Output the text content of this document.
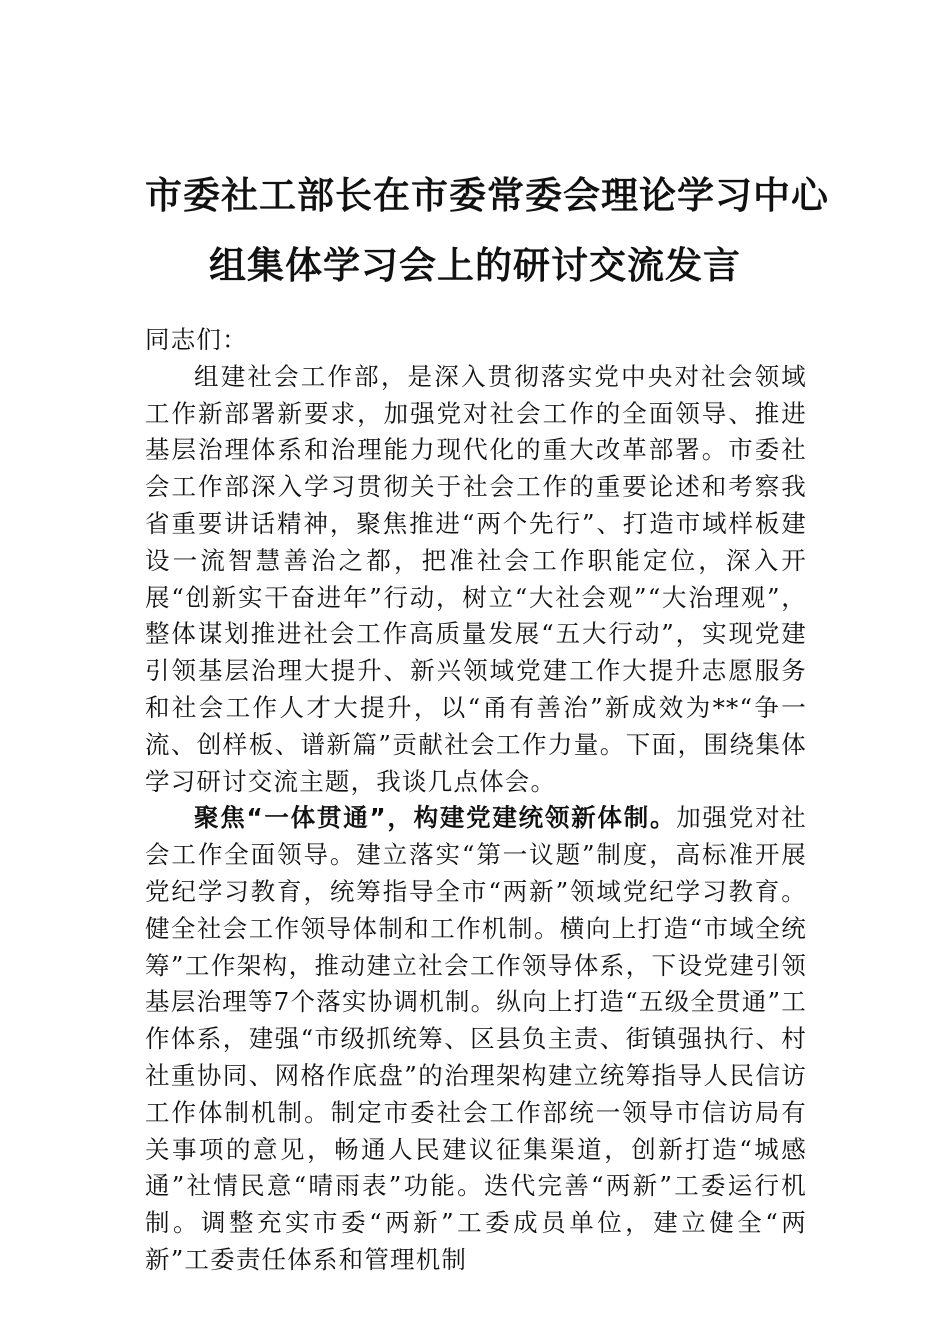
市委社工部长在市委常委会理论学习中心
组集体学习会上的研讨交流发言

同志们：

组建社会工作部，是深入贯彻落实党中央对社会领域工作新部署新要求，加强党对社会工作的全面领导、推进基层治理体系和治理能力现代化的重大改革部署。市委社会工作部深入学习贯彻关于社会工作的重要论述和考察我省重要讲话精神，聚焦推进“两个先行”、打造市域样板建设一流智慧善治之都，把准社会工作职能定位，深入开展“创新实干奋进年”行动，树立“大社会观”“大治理观”，整体谋划推进社会工作高质量发展“五大行动”，实现党建引领基层治理大提升、新兴领域党建工作大提升志愿服务和社会工作人才大提升，以“甬有善治”新成效为**“争一流、创样板、谱新篇”贡献社会工作力量。下面，围绕集体学习研讨交流主题，我谈几点体会。

聚焦“一体贯通”，构建党建统领新体制。加强党对社会工作全面领导。建立落实“第一议题”制度，高标准开展党纪学习教育，统筹指导全市“两新”领域党纪学习教育。健全社会工作领导体制和工作机制。横向上打造“市域全统筹”工作架构，推动建立社会工作领导体系，下设党建引领基层治理等7个落实协调机制。纵向上打造“五级全贯通”工作体系，建强“市级抓统筹、区县负主责、街镇强执行、村社重协同、网格作底盘”的治理架构建立统筹指导人民信访工作体制机制。制定市委社会工作部统一领导市信访局有关事项的意见，畅通人民建议征集渠道，创新打造“城感通”社情民意“晴雨表”功能。迭代完善“两新”工委运行机制。调整充实市委“两新”工委成员单位，建立健全“两新”工委责任体系和管理机制
